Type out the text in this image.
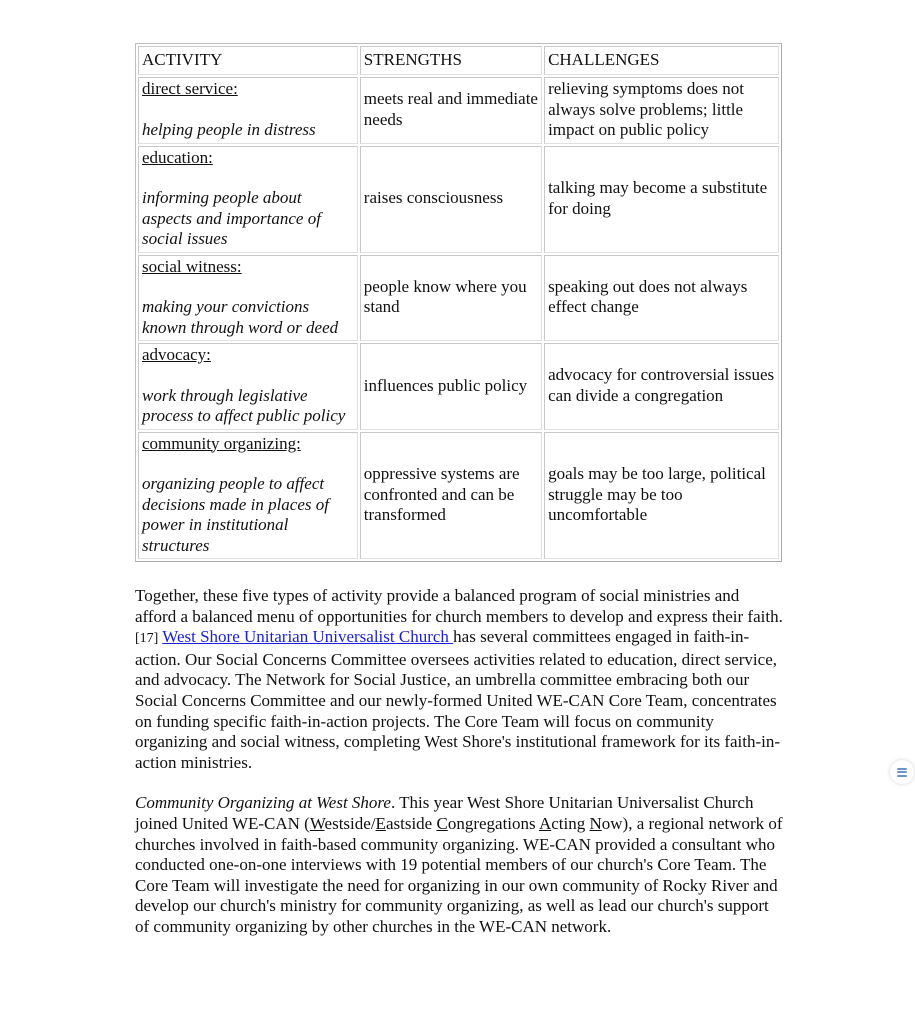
ACTIVITY	STRENGTHS	CHALLENGES

direct service:
helping people in distress	meets real and immediate needs	relieving symptoms does not always solve problems; little impact on public policy

education:
informing people about aspects and importance of social issues	raises consciousness	talking may become a substitute for doing

social witness:
making your convictions known through word or deed	people know where you stand	speaking out does not always effect change

advocacy:
work through legislative process to affect public policy	influences public policy	advocacy for controversial issues can divide a congregation

community organizing:
organizing people to affect decisions made in places of power in institutional structures	oppressive systems are confronted and can be transformed	goals may be too large, political struggle may be too uncomfortable

Together, these five types of activity provide a balanced program of social ministries and afford a balanced menu of opportunities for church members to develop and express their faith.[17] West Shore Unitarian Universalist Church has several committees engaged in faith-in-action. Our Social Concerns Committee oversees activities related to education, direct service, and advocacy. The Network for Social Justice, an umbrella committee embracing both our Social Concerns Committee and our newly-formed United WE-CAN Core Team, concentrates on funding specific faith-in-action projects. The Core Team will focus on community organizing and social witness, completing West Shore's institutional framework for its faith-in-action ministries.

Community Organizing at West Shore. This year West Shore Unitarian Universalist Church joined United WE-CAN (Westside/Eastside Congregations Acting Now), a regional network of churches involved in faith-based community organizing. WE-CAN provided a consultant who conducted one-on-one interviews with 19 potential members of our church's Core Team. The Core Team will investigate the need for organizing in our own community of Rocky River and develop our church's ministry for community organizing, as well as lead our church's support of community organizing by other churches in the WE-CAN network.
